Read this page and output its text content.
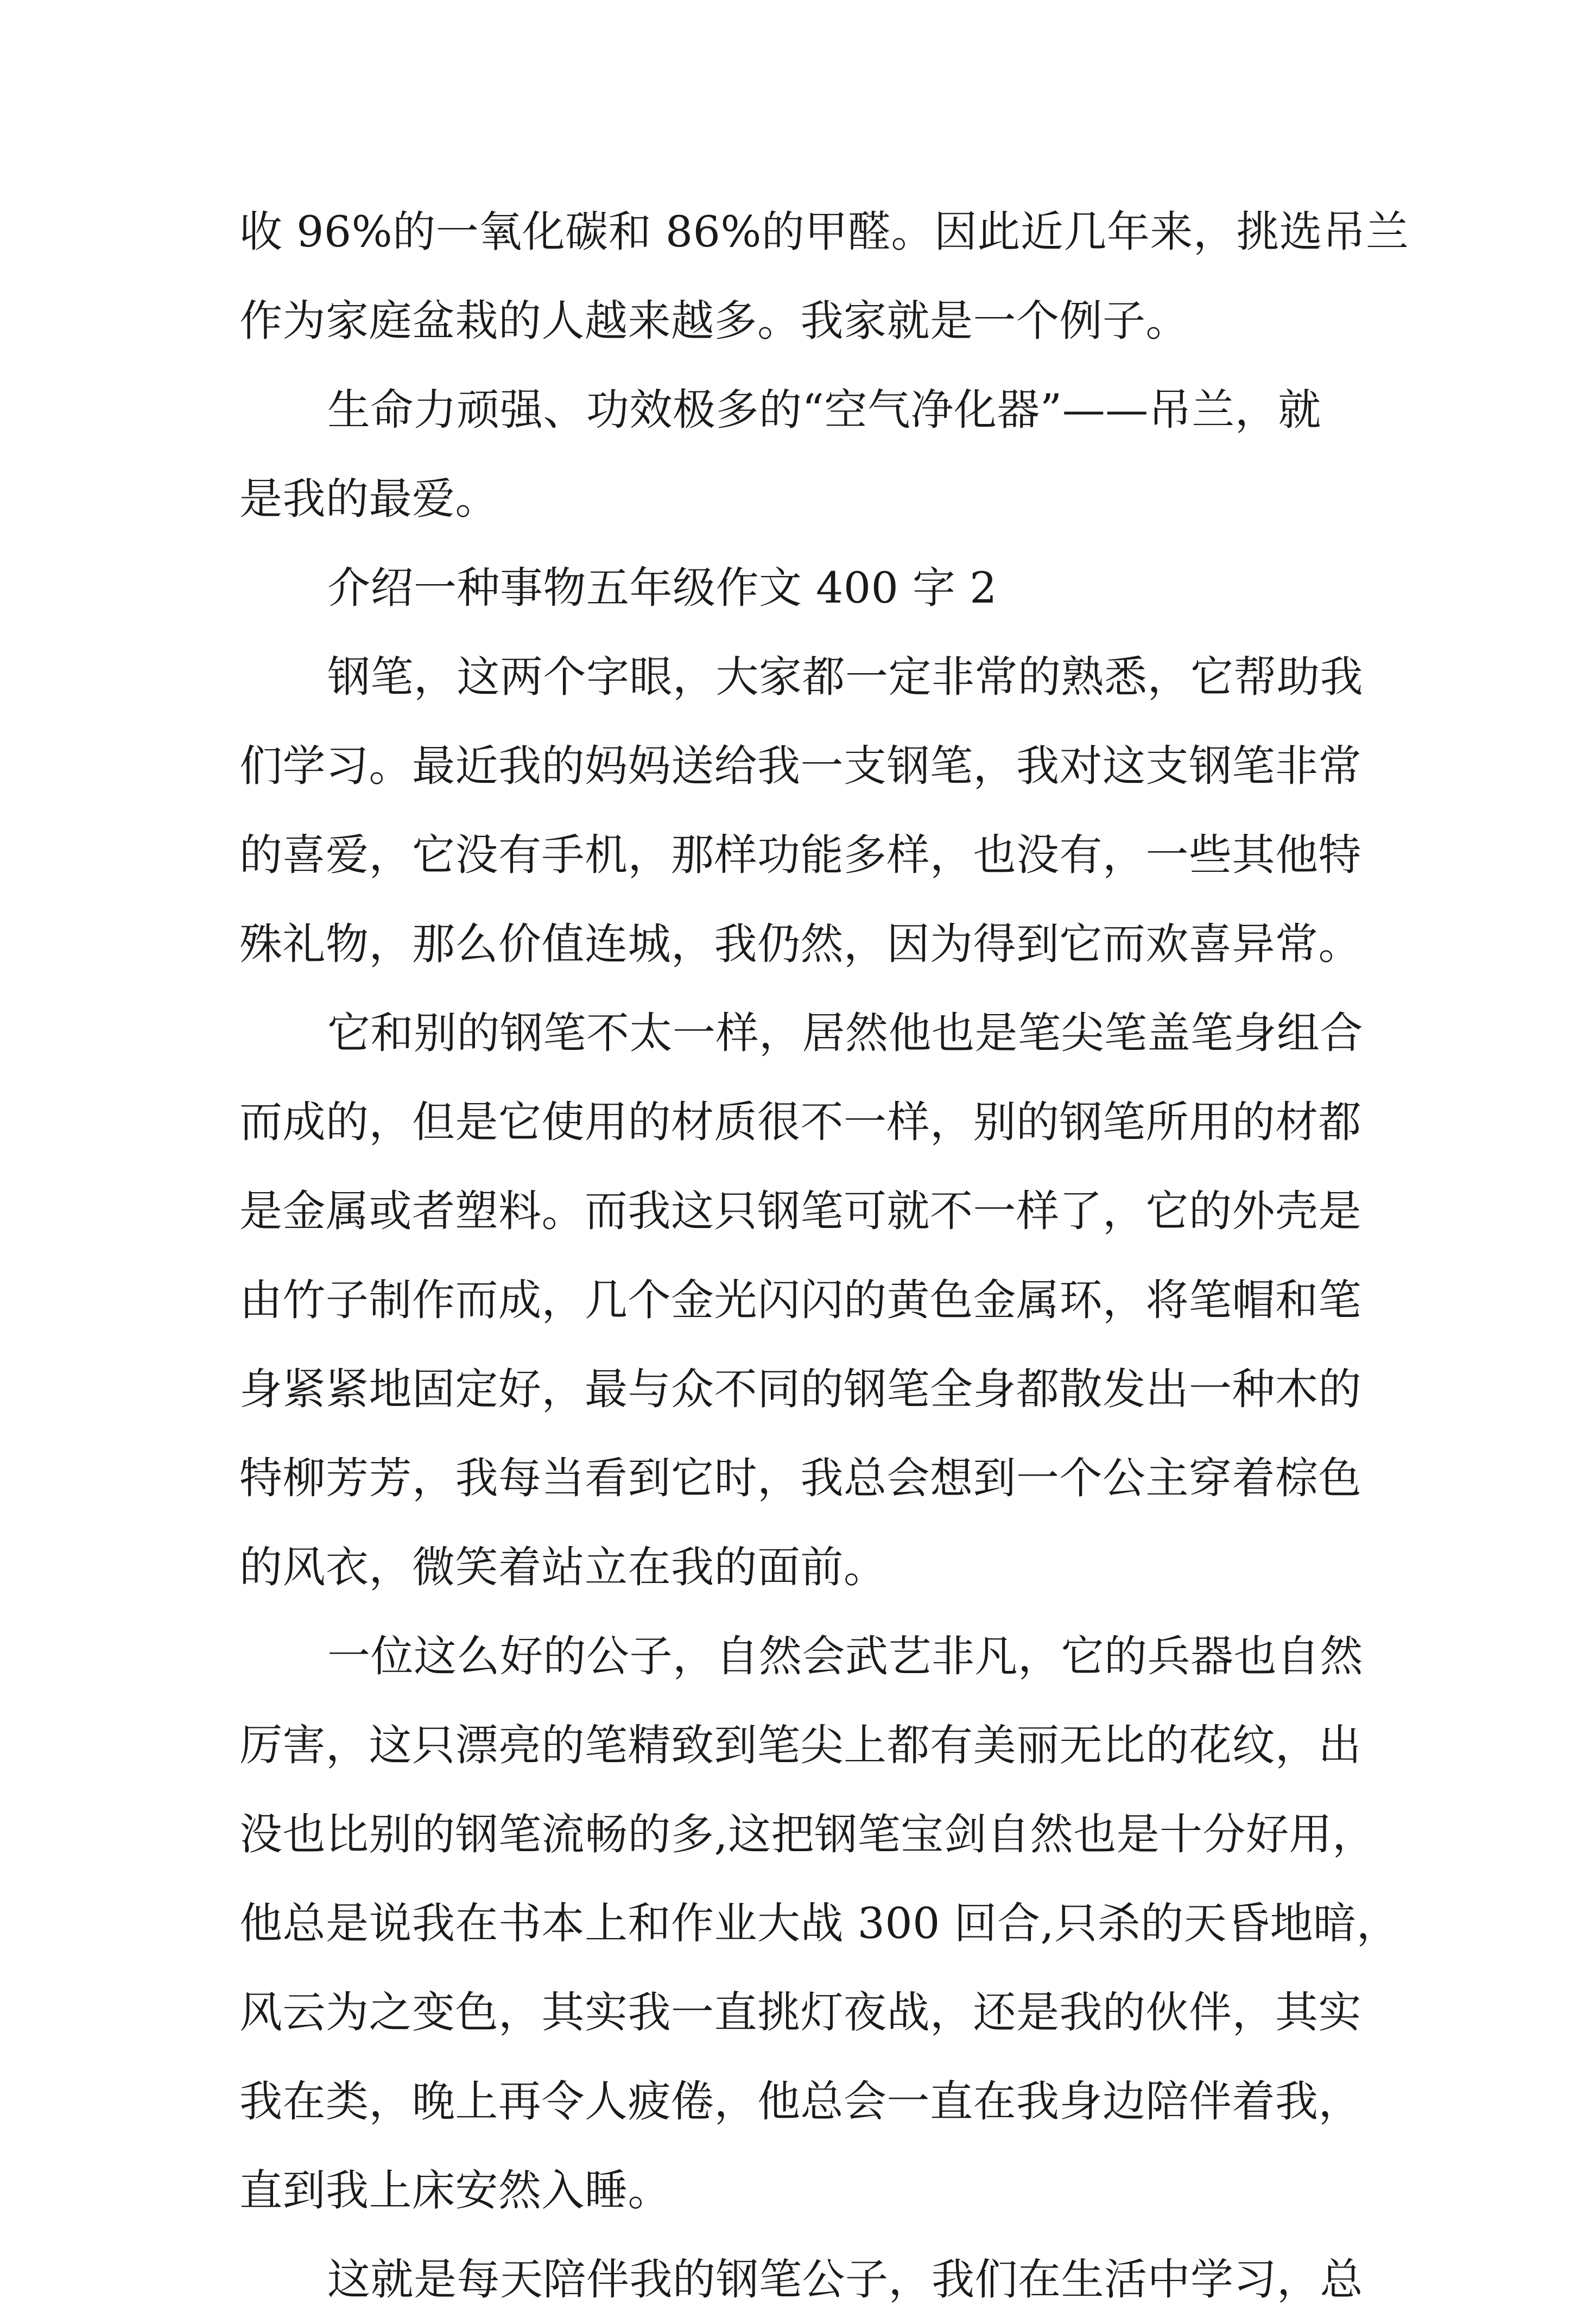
收 96%的一氧化碳和 86%的甲醛。因此近几年来，挑选吊兰
作为家庭盆栽的人越来越多。我家就是一个例子。
生命力顽强、功效极多的“空气净化器”——吊兰，就
是我的最爱。
介绍一种事物五年级作文 400 字 2
钢笔，这两个字眼，大家都一定非常的熟悉，它帮助我
们学习。最近我的妈妈送给我一支钢笔，我对这支钢笔非常
的喜爱，它没有手机，那样功能多样，也没有，一些其他特
殊礼物，那么价值连城，我仍然，因为得到它而欢喜异常。
它和别的钢笔不太一样，居然他也是笔尖笔盖笔身组合
而成的，但是它使用的材质很不一样，别的钢笔所用的材都
是金属或者塑料。而我这只钢笔可就不一样了，它的外壳是
由竹子制作而成，几个金光闪闪的黄色金属环，将笔帽和笔
身紧紧地固定好，最与众不同的钢笔全身都散发出一种木的
特柳芳芳，我每当看到它时，我总会想到一个公主穿着棕色
的风衣，微笑着站立在我的面前。
一位这么好的公子，自然会武艺非凡，它的兵器也自然
厉害，这只漂亮的笔精致到笔尖上都有美丽无比的花纹，出
没也比别的钢笔流畅的多,这把钢笔宝剑自然也是十分好用，
他总是说我在书本上和作业大战 300 回合,只杀的天昏地暗，
风云为之变色，其实我一直挑灯夜战，还是我的伙伴，其实
我在类，晚上再令人疲倦，他总会一直在我身边陪伴着我，
直到我上床安然入睡。
这就是每天陪伴我的钢笔公子，我们在生活中学习，总
